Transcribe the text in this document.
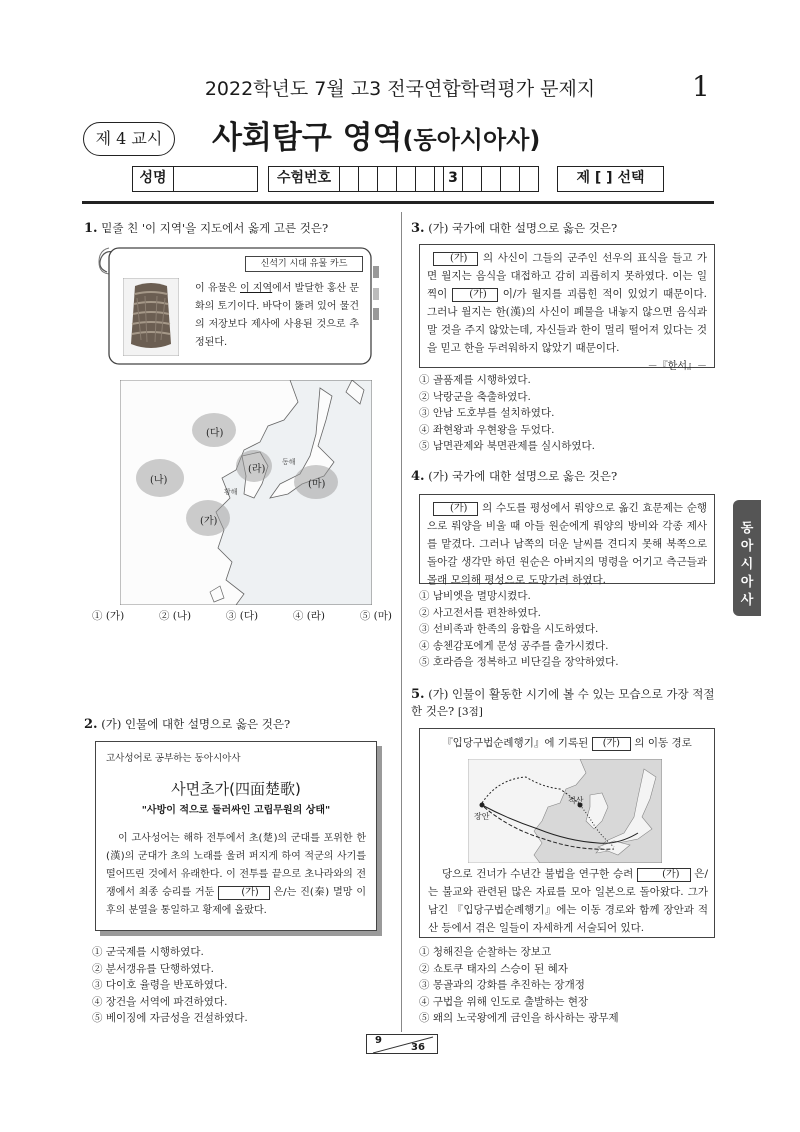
2022학년도 7월 고3 전국연합학력평가 문제지	1
제 4 교시	사회탐구 영역(동아시아사)
성명	수험번호	3	제 [ ] 선택
동
아
시
아
사
1. 밑줄 친 '이 지역'을 지도에서 옳게 고른 것은?
신석기 시대 유물 카드
이 유물은 이 지역에서 발달한 홍산 문화의 토기이다. 바닥이 뚫려 있어 물건의 저장보다 제사에 사용된 것으로 추정된다.
(다)
(나)
(라)
(마)
(가)
동해
황해
① (가)	② (나)	③ (다)	④ (라)	⑤ (마)
2. (가) 인물에 대한 설명으로 옳은 것은?
고사성어로 공부하는 동아시아사
사면초가(四面楚歌)
"사방이 적으로 둘러싸인 고립무원의 상태"
이 고사성어는 해하 전투에서 초(楚)의 군대를 포위한 한(漢)의 군대가 초의 노래를 울려 퍼지게 하여 적군의 사기를 떨어뜨린 것에서 유래한다. 이 전투를 끝으로 초나라와의 전쟁에서 최종 승리를 거둔 (가) 은/는 진(秦) 멸망 이후의 분열을 통일하고 황제에 올랐다.
① 군국제를 시행하였다.
② 분서갱유를 단행하였다.
③ 다이호 율령을 반포하였다.
④ 장건을 서역에 파견하였다.
⑤ 베이징에 자금성을 건설하였다.
3. (가) 국가에 대한 설명으로 옳은 것은?
(가) 의 사신이 그들의 군주인 선우의 표식을 들고 가면 월지는 음식을 대접하고 감히 괴롭히지 못하였다. 이는 일찍이 (가) 이/가 월지를 괴롭힌 적이 있었기 때문이다. 그러나 월지는 한(漢)의 사신이 폐물을 내놓지 않으면 음식과 말 것을 주지 않았는데, 자신들과 한이 멀리 떨어져 있다는 것을 믿고 한을 두려워하지 않았기 때문이다.
－『한서』－
① 골품제를 시행하였다.
② 낙랑군을 축출하였다.
③ 안남 도호부를 설치하였다.
④ 좌현왕과 우현왕을 두었다.
⑤ 남면관제와 북면관제를 실시하였다.
4. (가) 국가에 대한 설명으로 옳은 것은?
(가) 의 수도를 평성에서 뤄양으로 옮긴 효문제는 순행으로 뤄양을 비울 때 아들 원순에게 뤄양의 방비와 각종 제사를 맡겼다. 그러나 남쪽의 더운 날씨를 견디지 못해 북쪽으로 돌아갈 생각만 하던 원순은 아버지의 명령을 어기고 측근들과 몰래 모의해 평성으로 도망가려 하였다.
① 남비엣을 멸망시켰다.
② 사고전서를 편찬하였다.
③ 선비족과 한족의 융합을 시도하였다.
④ 송첸감포에게 문성 공주를 출가시켰다.
⑤ 호라즘을 정복하고 비단길을 장악하였다.
5. (가) 인물이 활동한 시기에 볼 수 있는 모습으로 가장 적절한 것은? [3점]
『입당구법순례행기』에 기록된 (가) 의 이동 경로
장안
적산
당으로 건너가 수년간 불법을 연구한 승려	(가) 은/는 불교와 관련된 많은 자료를 모아 일본으로 돌아왔다. 그가 남긴 『입당구법순례행기』에는 이동 경로와 함께 장안과 적산 등에서 겪은 일들이 자세하게 서술되어 있다.
① 청해진을 순찰하는 장보고
② 쇼토쿠 태자의 스승이 된 혜자
③ 몽골과의 강화를 추진하는 장개정
④ 구법을 위해 인도로 출발하는 현장
⑤ 왜의 노국왕에게 금인을 하사하는 광무제
9
36
